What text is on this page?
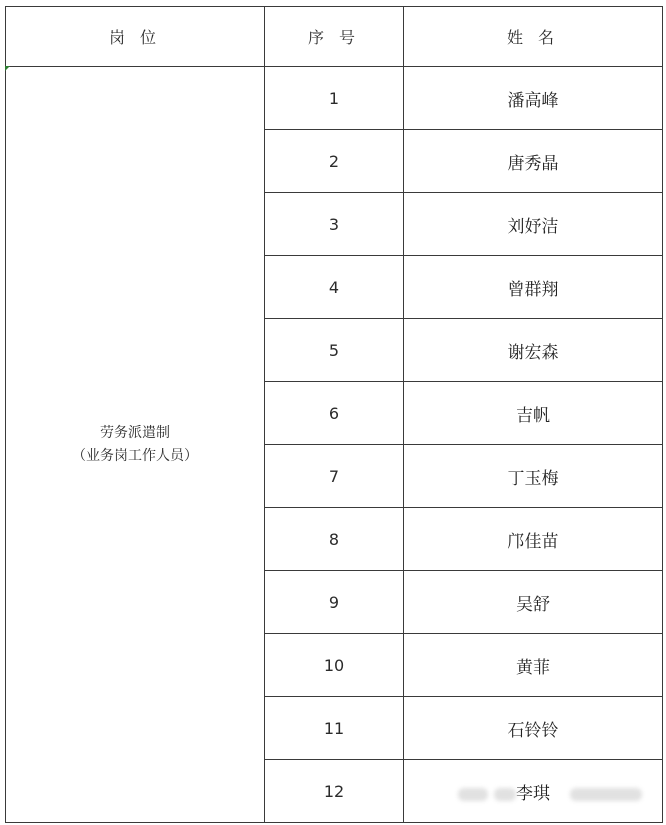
岗 位	序 号	姓 名

劳务派遣制
（业务岗工作人员）	1	潘高峰
	2	唐秀晶
	3	刘妤洁
	4	曾群翔
	5	谢宏森
	6	吉帆
	7	丁玉梅
	8	邝佳苗
	9	吴舒
	10	黄菲
	11	石铃铃
	12	李琪
